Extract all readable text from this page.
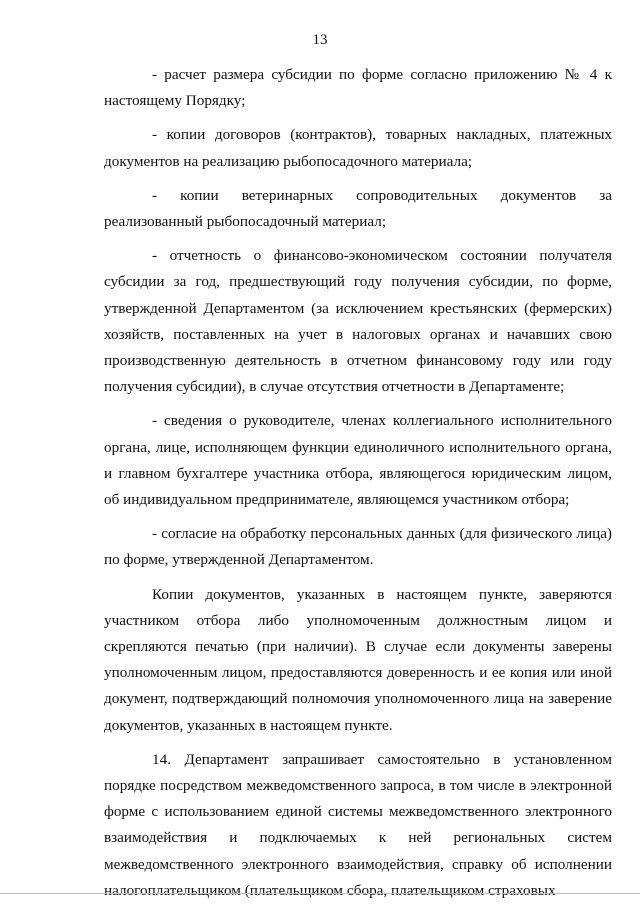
13

- расчет размера субсидии по форме согласно приложению № 4 к настоящему Порядку;

- копии договоров (контрактов), товарных накладных, платежных документов на реализацию рыбопосадочного материала;

- копии ветеринарных сопроводительных документов за реализованный рыбопосадочный материал;

- отчетность о финансово-экономическом состоянии получателя субсидии за год, предшествующий году получения субсидии, по форме, утвержденной Департаментом (за исключением крестьянских (фермерских) хозяйств, поставленных на учет в налоговых органах и начавших свою производственную деятельность в отчетном финансовому году или году получения субсидии), в случае отсутствия отчетности в Департаменте;

- сведения о руководителе, членах коллегиального исполнительного органа, лице, исполняющем функции единоличного исполнительного органа, и главном бухгалтере участника отбора, являющегося юридическим лицом, об индивидуальном предпринимателе, являющемся участником отбора;

- согласие на обработку персональных данных (для физического лица) по форме, утвержденной Департаментом.

Копии документов, указанных в настоящем пункте, заверяются участником отбора либо уполномоченным должностным лицом и скрепляются печатью (при наличии). В случае если документы заверены уполномоченным лицом, предоставляются доверенность и ее копия или иной документ, подтверждающий полномочия уполномоченного лица на заверение документов, указанных в настоящем пункте.

14. Департамент запрашивает самостоятельно в установленном порядке посредством межведомственного запроса, в том числе в электронной форме с использованием единой системы межведомственного электронного взаимодействия и подключаемых к ней региональных систем межведомственного электронного взаимодействия, справку об исполнении налогоплательщиком (плательщиком сбора, плательщиком страховых
